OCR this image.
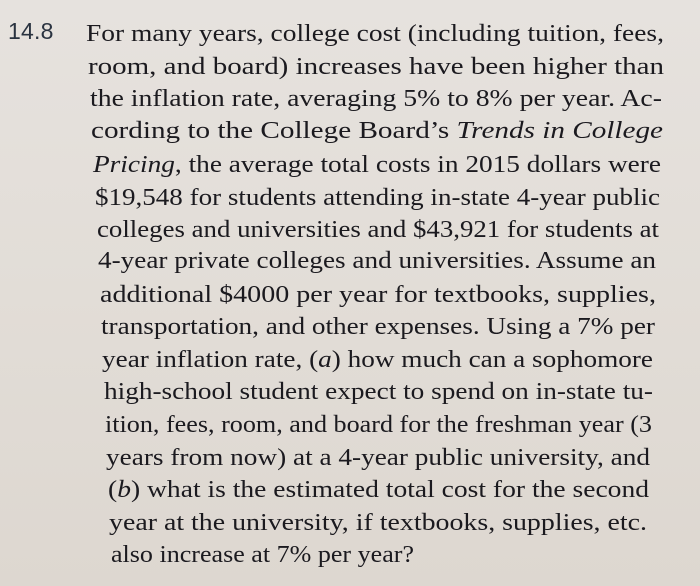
14.8 For many years, college cost (including tuition, fees,
room, and board) increases have been higher than
the inflation rate, averaging 5% to 8% per year. Ac-
cording to the College Board’s Trends in College
Pricing, the average total costs in 2015 dollars were
$19,548 for students attending in-state 4-year public
colleges and universities and $43,921 for students at
4-year private colleges and universities. Assume an
additional $4000 per year for textbooks, supplies,
transportation, and other expenses. Using a 7% per
year inflation rate, (a) how much can a sophomore
high-school student expect to spend on in-state tu-
ition, fees, room, and board for the freshman year (3
years from now) at a 4-year public university, and
(b) what is the estimated total cost for the second
year at the university, if textbooks, supplies, etc.
also increase at 7% per year?
